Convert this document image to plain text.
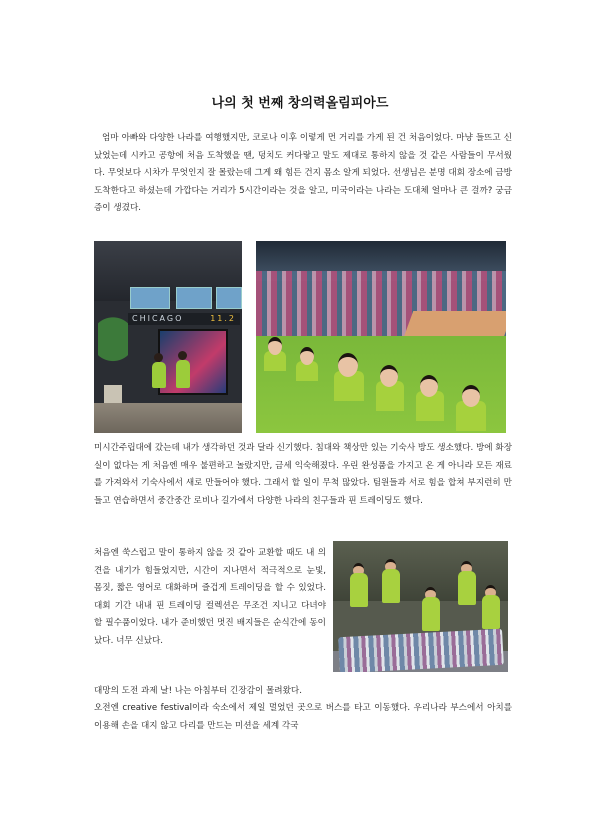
나의 첫 번째 창의력올림피아드
엄마 아빠와 다양한 나라를 여행했지만, 코로나 이후 이렇게 먼 거리를 가게 된 건 처음이었다. 마냥 들뜨고 신났었는데 시카고 공항에 처음 도착했을 땐, 덩치도 커다랗고 말도 제대로 통하지 않을 것 같은 사람들이 무서웠다. 무엇보다 시차가 무엇인지 잘 몰랐는데 그게 왜 힘든 건지 몸소 알게 되었다. 선생님은 분명 대회 장소에 금방 도착한다고 하셨는데 가깝다는 거리가 5시간이라는 것을 알고, 미국이라는 나라는 도대체 얼마나 큰 걸까? 궁금증이 생겼다.
CHICAGO	11.2
미시간주립대에 갔는데 내가 생각하던 것과 달라 신기했다. 침대와 책상만 있는 기숙사 방도 생소했다. 방에 화장실이 없다는 게 처음엔 매우 불편하고 놀랐지만, 금세 익숙해졌다. 우린 완성품을 가지고 온 게 아니라 모든 재료를 가져와서 기숙사에서 새로 만들어야 했다. 그래서 할 일이 무척 많았다. 팀원들과 서로 힘을 합쳐 부지런히 만들고 연습하면서 중간중간 로비나 길가에서 다양한 나라의 친구들과 핀 트레이딩도 했다.
처음엔 쑥스럽고 말이 통하지 않을 것 같아 교환할 때도 내 의견을 내기가 힘들었지만, 시간이 지나면서 적극적으로 눈빛, 몸짓, 짧은 영어로 대화하며 즐겁게 트레이딩을 할 수 있었다. 대회 기간 내내 핀 트레이딩 컬렉션은 무조건 지니고 다녀야 할 필수품이었다. 내가 준비했던 멋진 배지들은 순식간에 동이 났다. 너무 신났다.
대망의 도전 과제 날! 나는 아침부터 긴장감이 몰려왔다.
오전엔 creative festival이라 숙소에서 제일 멀었던 곳으로 버스를 타고 이동했다. 우리나라 부스에서 아치를 이용해 손을 대지 않고 다리를 만드는 미션을 세계 각국
